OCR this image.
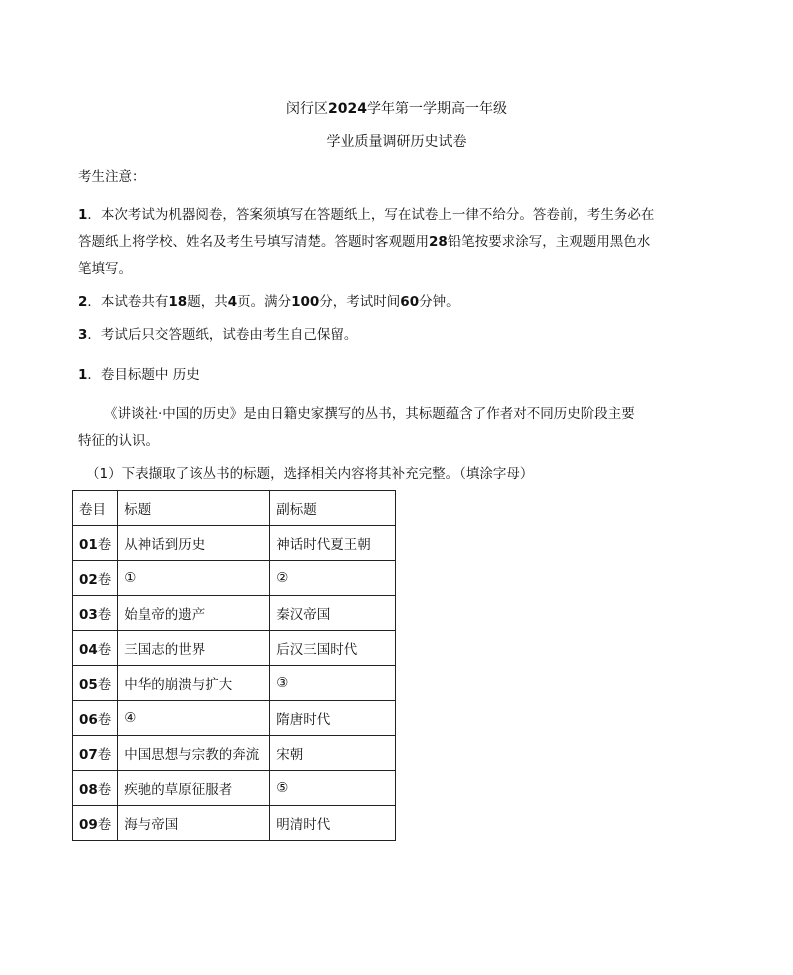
闵行区2024学年第一学期高一年级
学业质量调研历史试卷
考生注意：
1．本次考试为机器阅卷，答案须填写在答题纸上，写在试卷上一律不给分。答卷前，考生务必在
答题纸上将学校、姓名及考生号填写清楚。答题时客观题用28铅笔按要求涂写，主观题用黑色水
笔填写。
2．本试卷共有18题，共4页。满分100分，考试时间60分钟。
3．考试后只交答题纸，试卷由考生自己保留。
1．卷目标题中 历史
《讲谈社·中国的历史》是由日籍史家撰写的丛书，其标题蕴含了作者对不同历史阶段主要
特征的认识。
（1）下表撷取了该丛书的标题，选择相关内容将其补充完整。（填涂字母）
卷目	标题	副标题
01卷	从神话到历史	神话时代夏王朝
02卷	①	②
03卷	始皇帝的遗产	秦汉帝国
04卷	三国志的世界	后汉三国时代
05卷	中华的崩溃与扩大	③
06卷	④	隋唐时代
07卷	中国思想与宗教的奔流	宋朝
08卷	疾驰的草原征服者	⑤
09卷	海与帝国	明清时代
